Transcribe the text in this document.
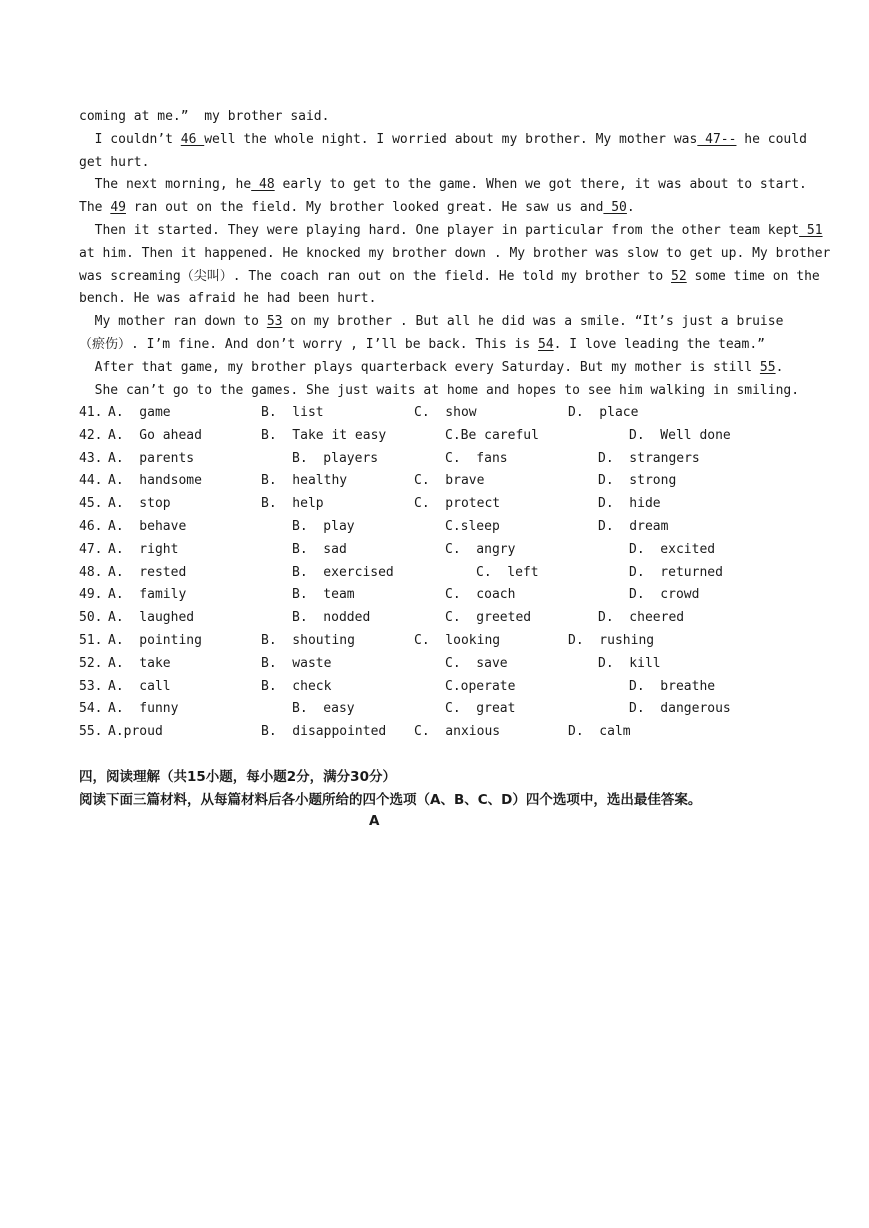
coming at me.”  my brother said.
I couldn’t 46 well the whole night. I worried about my brother. My mother was 47-- he could
get hurt.
The next morning, he 48 early to get to the game. When we got there, it was about to start.
The 49 ran out on the field. My brother looked great. He saw us and 50.
Then it started. They were playing hard. One player in particular from the other team kept 51
at him. Then it happened. He knocked my brother down . My brother was slow to get up. My brother
was screaming（尖叫）. The coach ran out on the field. He told my brother to 52 some time on the
bench. He was afraid he had been hurt.
My mother ran down to 53 on my brother . But all he did was a smile. “It’s just a bruise
（瘀伤）. I’m fine. And don’t worry , I’ll be back. This is 54. I love leading the team.”
After that game, my brother plays quarterback every Saturday. But my mother is still 55.
She can’t go to the games. She just waits at home and hopes to see him walking in smiling.
41. A.  game	B.  list	C.  show	D.  place
42. A.  Go ahead	B.  Take it easy	C.Be careful	D.  Well done
43. A.  parents	B.  players	C.  fans	D.  strangers
44. A.  handsome	B.  healthy	C.  brave	D.  strong
45. A.  stop	B.  help	C.  protect	D.  hide
46. A.  behave	B.  play	C.sleep	D.  dream
47. A.  right	B.  sad	C.  angry	D.  excited
48. A.  rested	B.  exercised	C.  left	D.  returned
49. A.  family	B.  team	C.  coach	D.  crowd
50. A.  laughed	B.  nodded	C.  greeted	D.  cheered
51. A.  pointing	B.  shouting	C.  looking	D.  rushing
52. A.  take	B.  waste	C.  save	D.  kill
53. A.  call	B.  check	C.operate	D.  breathe
54. A.  funny	B.  easy	C.  great	D.  dangerous
55. A.proud	B.  disappointed C.  anxious	D.  calm
四，阅读理解（共15小题，每小题2分，满分30分）
阅读下面三篇材料，从每篇材料后各小题所给的四个选项（A、B、C、D）四个选项中，选出最佳答案。
A
